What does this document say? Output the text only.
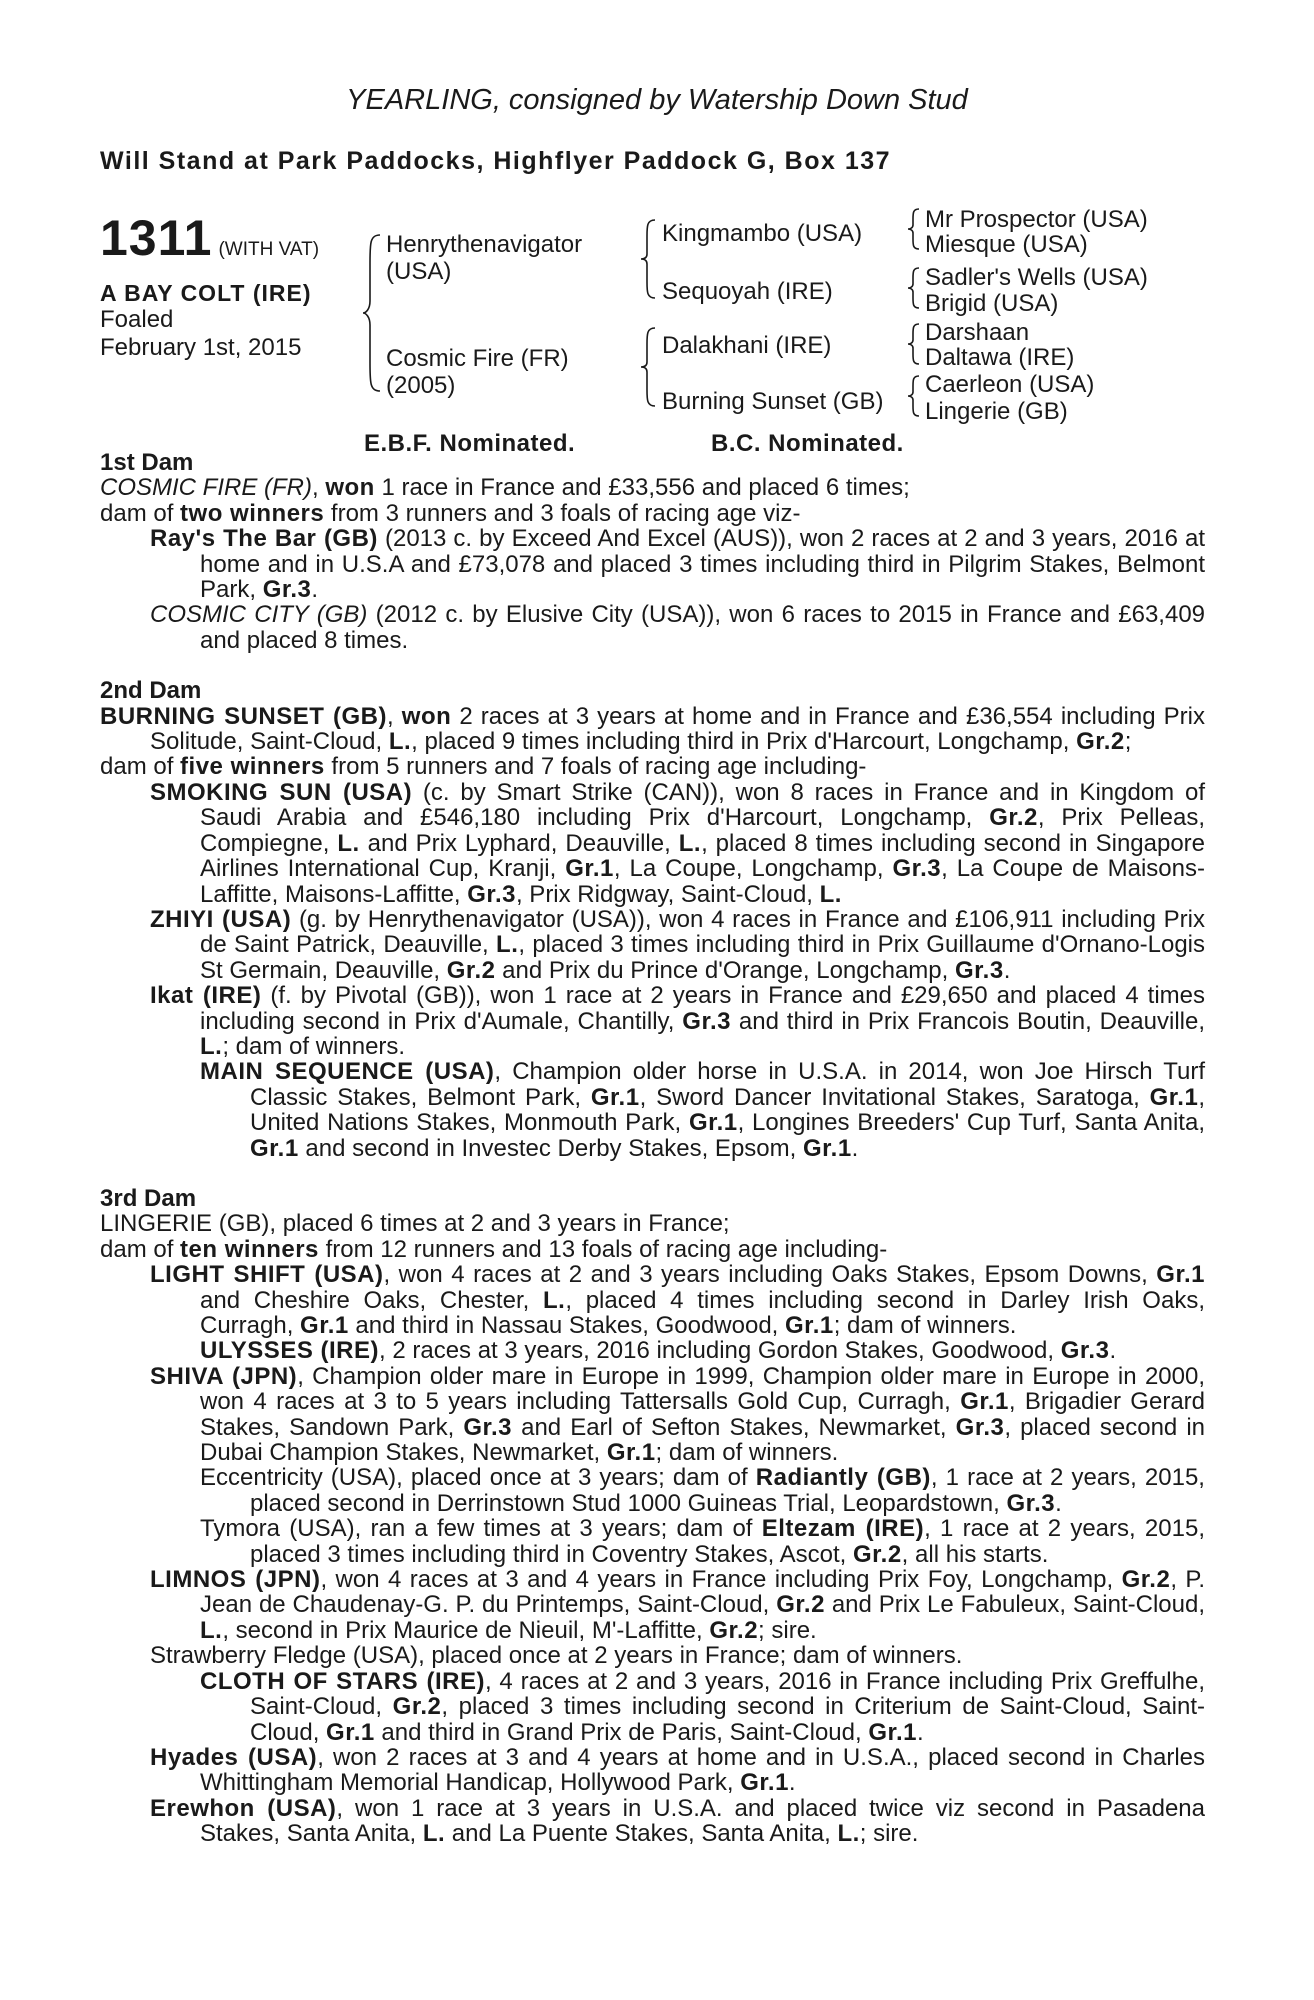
YEARLING, consigned by Watership Down Stud
Will Stand at Park Paddocks, Highflyer Paddock G, Box 137
1311 (WITH VAT)
A BAY COLT (IRE)
Foaled
February 1st, 2015
Henrythenavigator
(USA)
Cosmic Fire (FR)
(2005)
Kingmambo (USA)
Sequoyah (IRE)
Dalakhani (IRE)
Burning Sunset (GB)
Mr Prospector (USA)
Miesque (USA)
Sadler's Wells (USA)
Brigid (USA)
Darshaan
Daltawa (IRE)
Caerleon (USA)
Lingerie (GB)
E.B.F. Nominated.	B.C. Nominated.

1st Dam

COSMIC FIRE (FR), won 1 race in France and £33,556 and placed 6 times;

dam of two winners from 3 runners and 3 foals of racing age viz-

Ray's The Bar (GB) (2013 c. by Exceed And Excel (AUS)), won 2 races at 2 and 3 years, 2016 at home and in U.S.A and £73,078 and placed 3 times including third in Pilgrim Stakes, Belmont Park, Gr.3.

COSMIC CITY (GB) (2012 c. by Elusive City (USA)), won 6 races to 2015 in France and £63,409 and placed 8 times.

2nd Dam

BURNING SUNSET (GB), won 2 races at 3 years at home and in France and £36,554 including Prix Solitude, Saint-Cloud, L., placed 9 times including third in Prix d'Harcourt, Longchamp, Gr.2;

dam of five winners from 5 runners and 7 foals of racing age including-

SMOKING SUN (USA) (c. by Smart Strike (CAN)), won 8 races in France and in Kingdom of Saudi Arabia and £546,180 including Prix d'Harcourt, Longchamp, Gr.2, Prix Pelleas, Compiegne, L. and Prix Lyphard, Deauville, L., placed 8 times including second in Singapore Airlines International Cup, Kranji, Gr.1, La Coupe, Longchamp, Gr.3, La Coupe de Maisons-Laffitte, Maisons-Laffitte, Gr.3, Prix Ridgway, Saint-Cloud, L.

ZHIYI (USA) (g. by Henrythenavigator (USA)), won 4 races in France and £106,911 including Prix de Saint Patrick, Deauville, L., placed 3 times including third in Prix Guillaume d'Ornano-Logis St Germain, Deauville, Gr.2 and Prix du Prince d'Orange, Longchamp, Gr.3.

Ikat (IRE) (f. by Pivotal (GB)), won 1 race at 2 years in France and £29,650 and placed 4 times including second in Prix d'Aumale, Chantilly, Gr.3 and third in Prix Francois Boutin, Deauville, L.; dam of winners.

MAIN SEQUENCE (USA), Champion older horse in U.S.A. in 2014, won Joe Hirsch Turf Classic Stakes, Belmont Park, Gr.1, Sword Dancer Invitational Stakes, Saratoga, Gr.1, United Nations Stakes, Monmouth Park, Gr.1, Longines Breeders' Cup Turf, Santa Anita, Gr.1 and second in Investec Derby Stakes, Epsom, Gr.1.

3rd Dam

LINGERIE (GB), placed 6 times at 2 and 3 years in France;

dam of ten winners from 12 runners and 13 foals of racing age including-

LIGHT SHIFT (USA), won 4 races at 2 and 3 years including Oaks Stakes, Epsom Downs, Gr.1 and Cheshire Oaks, Chester, L., placed 4 times including second in Darley Irish Oaks, Curragh, Gr.1 and third in Nassau Stakes, Goodwood, Gr.1; dam of winners.

ULYSSES (IRE), 2 races at 3 years, 2016 including Gordon Stakes, Goodwood, Gr.3.

SHIVA (JPN), Champion older mare in Europe in 1999, Champion older mare in Europe in 2000, won 4 races at 3 to 5 years including Tattersalls Gold Cup, Curragh, Gr.1, Brigadier Gerard Stakes, Sandown Park, Gr.3 and Earl of Sefton Stakes, Newmarket, Gr.3, placed second in Dubai Champion Stakes, Newmarket, Gr.1; dam of winners.

Eccentricity (USA), placed once at 3 years; dam of Radiantly (GB), 1 race at 2 years, 2015, placed second in Derrinstown Stud 1000 Guineas Trial, Leopardstown, Gr.3.

Tymora (USA), ran a few times at 3 years; dam of Eltezam (IRE), 1 race at 2 years, 2015, placed 3 times including third in Coventry Stakes, Ascot, Gr.2, all his starts.

LIMNOS (JPN), won 4 races at 3 and 4 years in France including Prix Foy, Longchamp, Gr.2, P. Jean de Chaudenay-G. P. du Printemps, Saint-Cloud, Gr.2 and Prix Le Fabuleux, Saint-Cloud, L., second in Prix Maurice de Nieuil, M'-Laffitte, Gr.2; sire.

Strawberry Fledge (USA), placed once at 2 years in France; dam of winners.

CLOTH OF STARS (IRE), 4 races at 2 and 3 years, 2016 in France including Prix Greffulhe, Saint-Cloud, Gr.2, placed 3 times including second in Criterium de Saint-Cloud, Saint-Cloud, Gr.1 and third in Grand Prix de Paris, Saint-Cloud, Gr.1.

Hyades (USA), won 2 races at 3 and 4 years at home and in U.S.A., placed second in Charles Whittingham Memorial Handicap, Hollywood Park, Gr.1.

Erewhon (USA), won 1 race at 3 years in U.S.A. and placed twice viz second in Pasadena Stakes, Santa Anita, L. and La Puente Stakes, Santa Anita, L.; sire.
